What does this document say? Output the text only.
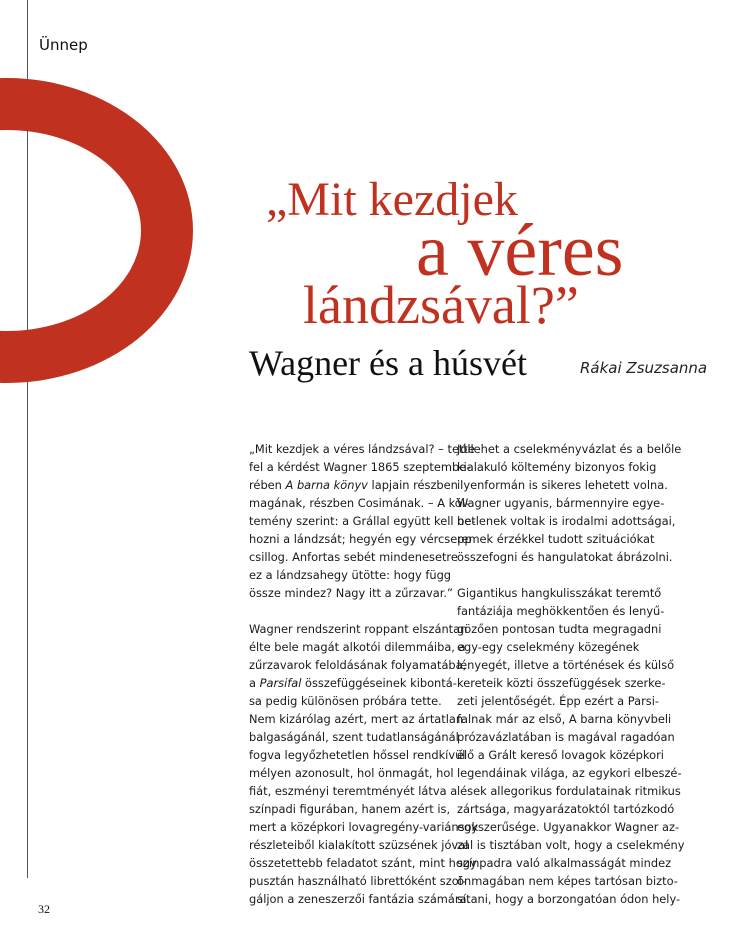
Ünnep
„Mit kezdjek
a véres
lándzsával?”
Wagner és a húsvét	Rákai Zsuzsanna
„Mit kezdjek a véres lándzsával? – tette
fel a kérdést Wagner 1865 szeptembe-
rében A barna könyv lapjain részben
magának, részben Cosimának. – A köl-
temény szerint: a Grállal együtt kell be-
hozni a lándzsát; hegyén egy vércsepp
csillog. Anfortas sebét mindenesetre
ez a lándzsahegy ütötte: hogy függ
össze mindez? Nagy itt a zűrzavar.”
Wagner rendszerint roppant elszántan
élte bele magát alkotói dilemmáiba, a
zűrzavarok feloldásának folyamatába,
a Parsifal összefüggéseinek kibontá-
sa pedig különösen próbára tette.
Nem kizárólag azért, mert az ártatlan
balgaságánál, szent tudatlanságánál
fogva legyőzhetetlen hőssel rendkívül
mélyen azonosult, hol önmagát, hol
fiát, eszményi teremtményét látva a
színpadi figurában, hanem azért is,
mert a középkori lovagregény-variánsok
részleteiből kialakított szüzsének jóval
összetettebb feladatot szánt, mint hogy
pusztán használható librettóként szol-
gáljon a zeneszerzői fantázia számára.
Jóllehet a cselekményvázlat és a belőle
kialakuló költemény bizonyos fokig
ilyenformán is sikeres lehetett volna.
Wagner ugyanis, bármennyire egye-
netlenek voltak is irodalmi adottságai,
remek érzékkel tudott szituációkat
összefogni és hangulatokat ábrázolni.
Gigantikus hangkulisszákat teremtő
fantáziája meghökkentően és lenyű-
gözően pontosan tudta megragadni
egy-egy cselekmény közegének
lényegét, illetve a történések és külső
kereteik közti összefüggések szerke-
zeti jelentőségét. Épp ezért a Parsi-
falnak már az első, A barna könyvbeli
prózavázlatában is magával ragadóan
élő a Grált kereső lovagok középkori
legendáinak világa, az egykori elbeszé-
lések allegorikus fordulatainak ritmikus
zártsága, magyarázatoktól tartózkodó
egyszerűsége. Ugyanakkor Wagner az-
zal is tisztában volt, hogy a cselekmény
színpadra való alkalmasságát mindez
önmagában nem képes tartósan bizto-
sítani, hogy a borzongatóan ódon hely-
32
